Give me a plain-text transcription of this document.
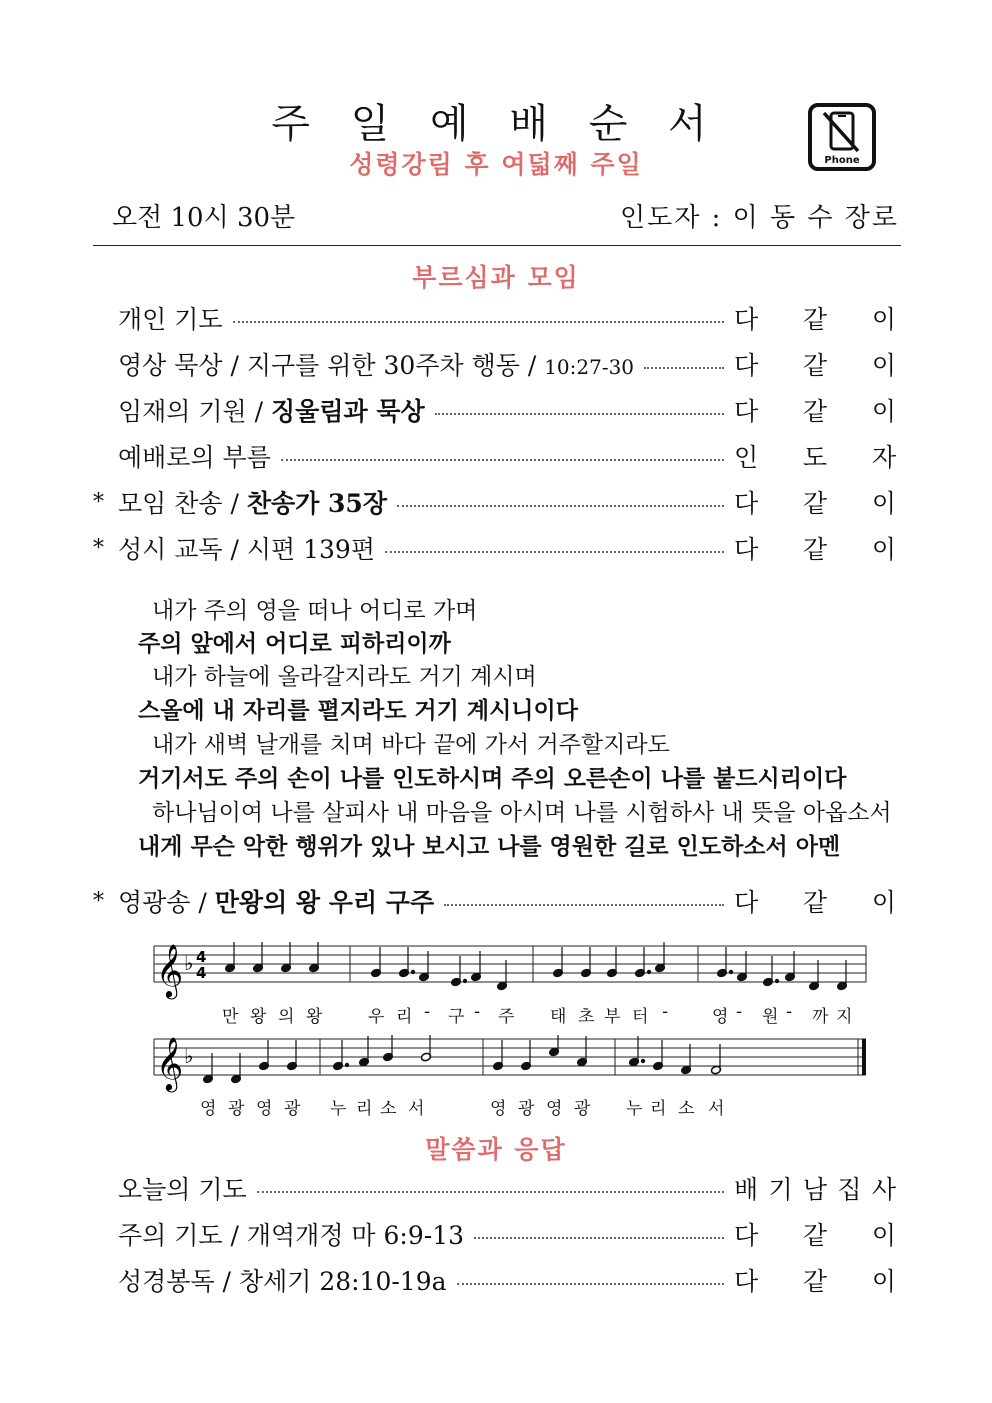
주 일 예 배 순 서
성령강림 후 여덟째 주일	Phone
오전 10시 30분	인도자 : 이 동 수 장로
부르심과 모임
개인 기도	다 같 이
영상 묵상 / 지구를 위한 30주차 행동 / 10:27-30	다 같 이
임재의 기원 / 징울림과 묵상	다 같 이
예배로의 부름	인 도 자
* 모임 찬송 / 찬송가 35장	다 같 이
* 성시 교독 / 시편 139편	다 같 이
내가 주의 영을 떠나 어디로 가며
주의 앞에서 어디로 피하리이까
내가 하늘에 올라갈지라도 거기 계시며
스올에 내 자리를 펼지라도 거기 계시니이다
내가 새벽 날개를 치며 바다 끝에 가서 거주할지라도
거기서도 주의 손이 나를 인도하시며 주의 오른손이 나를 붙드시리이다
하나님이여 나를 살피사 내 마음을 아시며 나를 시험하사 내 뜻을 아옵소서
내게 무슨 악한 행위가 있나 보시고 나를 영원한 길로 인도하소서 아멘
* 영광송 / 만왕의 왕 우리 구주	다 같 이
𝄞 ♭ 4
4
만 왕 의 왕	우 리 - 구 - 주 태 초 부 터 -	영 - 원 - 까 지
𝄞 ♭
영 광 영 광 누 리 소 서	영 광 영 광 누 리 소 서
말씀과 응답
오늘의 기도	배 기 남 집 사
주의 기도 / 개역개정 마 6:9-13	다 같 이
성경봉독 / 창세기 28:10-19a	다 같 이
